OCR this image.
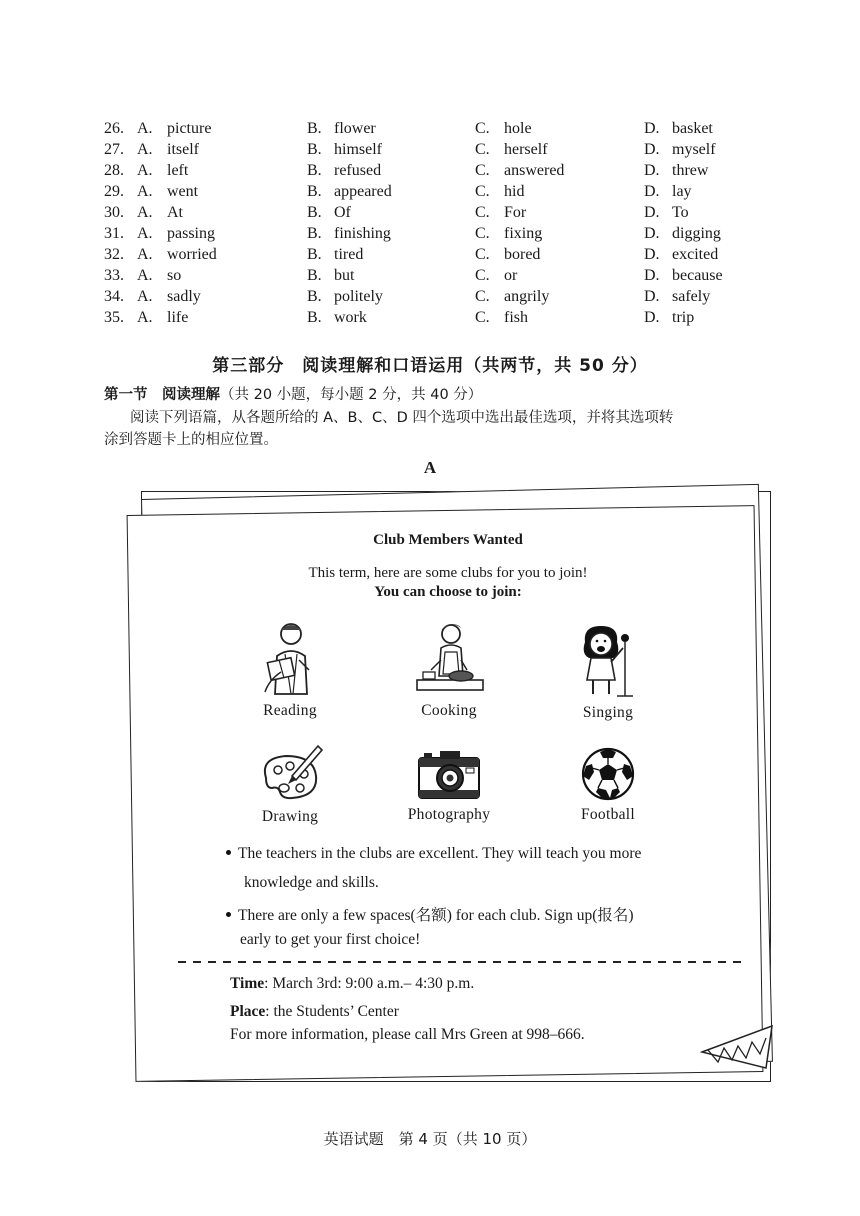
26. A. picture	B. flower	C. hole	D. basket
27. A. itself	B. himself	C. herself	D. myself
28. A. left	B. refused	C. answered	D. threw
29. A. went	B. appeared	C. hid	D. lay
30. A. At	B. Of	C. For	D. To
31. A. passing	B. finishing	C. fixing	D. digging
32. A. worried	B. tired	C. bored	D. excited
33. A. so	B. but	C. or	D. because
34. A. sadly	B. politely	C. angrily	D. safely
35. A. life	B. work	C. fish	D. trip
第三部分　阅读理解和口语运用（共两节，共 50 分）
第一节　阅读理解（共 20 小题，每小题 2 分，共 40 分）
阅读下列语篇，从各题所给的 A、B、C、D 四个选项中选出最佳选项，并将其选项转
涂到答题卡上的相应位置。
A
Club Members Wanted
This term, here are some clubs for you to join!
You can choose to join:
Reading	Cooking	Singing
Drawing	Photography	Football
The teachers in the clubs are excellent. They will teach you more
knowledge and skills.
There are only a few spaces(名额) for each club. Sign up(报名)
early to get your first choice!
Time: March 3rd: 9:00 a.m.– 4:30 p.m.
Place: the Students’ Center
For more information, please call Mrs Green at 998–666.
英语试题　第 4 页（共 10 页）
